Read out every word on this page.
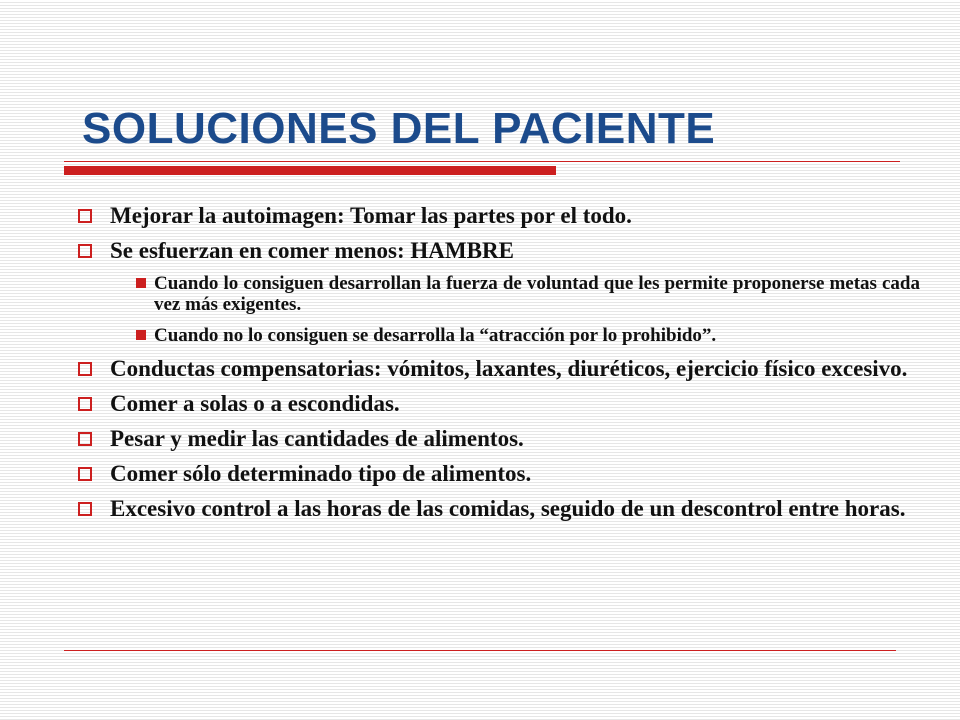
SOLUCIONES DEL PACIENTE
Mejorar la autoimagen: Tomar las partes por el todo.
Se esfuerzan en comer menos: HAMBRE
Cuando lo consiguen desarrollan la fuerza de voluntad que les permite proponerse metas cada vez más exigentes.
Cuando no lo consiguen se desarrolla la “atracción por lo prohibido”.
Conductas compensatorias: vómitos, laxantes, diuréticos, ejercicio físico excesivo.
Comer a solas o a escondidas.
Pesar y medir las cantidades de alimentos.
Comer sólo determinado tipo de alimentos.
Excesivo control a las horas de las comidas, seguido de un descontrol entre horas.
